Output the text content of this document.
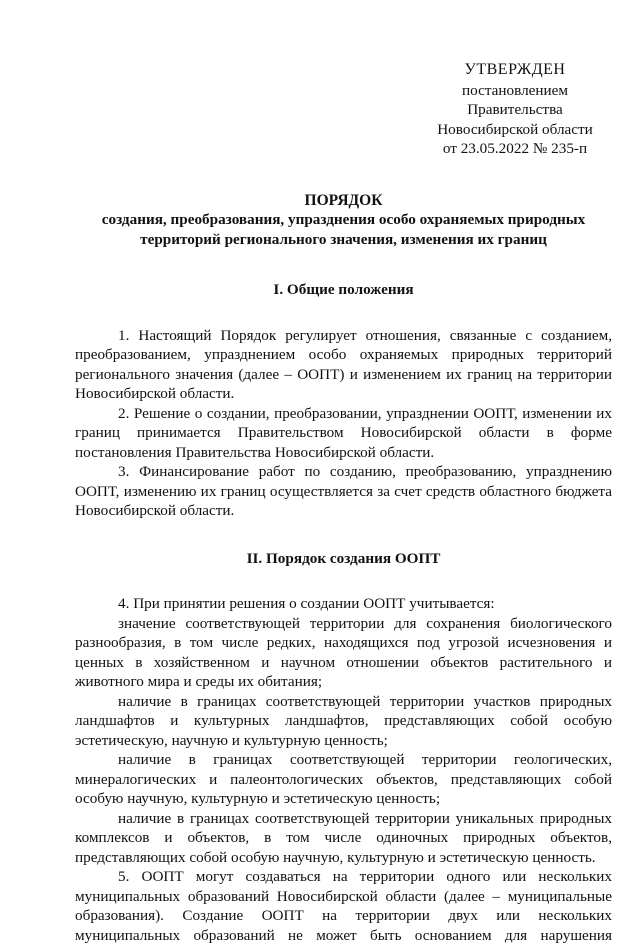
УТВЕРЖДЕН
постановлением Правительства
Новосибирской области
от 23.05.2022 № 235-п
ПОРЯДОК
создания, преобразования, упразднения особо охраняемых природных
территорий регионального значения, изменения их границ
I. Общие положения

1. Настоящий Порядок регулирует отношения, связанные с созданием, преобразованием, упразднением особо охраняемых природных территорий регионального значения (далее – ООПТ) и изменением их границ на территории Новосибирской области.

2. Решение о создании, преобразовании, упразднении ООПТ, изменении их границ принимается Правительством Новосибирской области в форме постановления Правительства Новосибирской области.

3. Финансирование работ по созданию, преобразованию, упразднению ООПТ, изменению их границ осуществляется за счет средств областного бюджета Новосибирской области.

II. Порядок создания ООПТ

4. При принятии решения о создании ООПТ учитывается:

значение соответствующей территории для сохранения биологического разнообразия, в том числе редких, находящихся под угрозой исчезновения и ценных в хозяйственном и научном отношении объектов растительного и животного мира и среды их обитания;

наличие в границах соответствующей территории участков природных ландшафтов и культурных ландшафтов, представляющих собой особую эстетическую, научную и культурную ценность;

наличие в границах соответствующей территории геологических, минералогических и палеонтологических объектов, представляющих собой особую научную, культурную и эстетическую ценность;

наличие в границах соответствующей территории уникальных природных комплексов и объектов, в том числе одиночных природных объектов, представляющих собой особую научную, культурную и эстетическую ценность.

5. ООПТ могут создаваться на территории одного или нескольких муниципальных образований Новосибирской области (далее – муниципальные образования). Создание ООПТ на территории двух или нескольких муниципальных образований не может быть основанием для нарушения
